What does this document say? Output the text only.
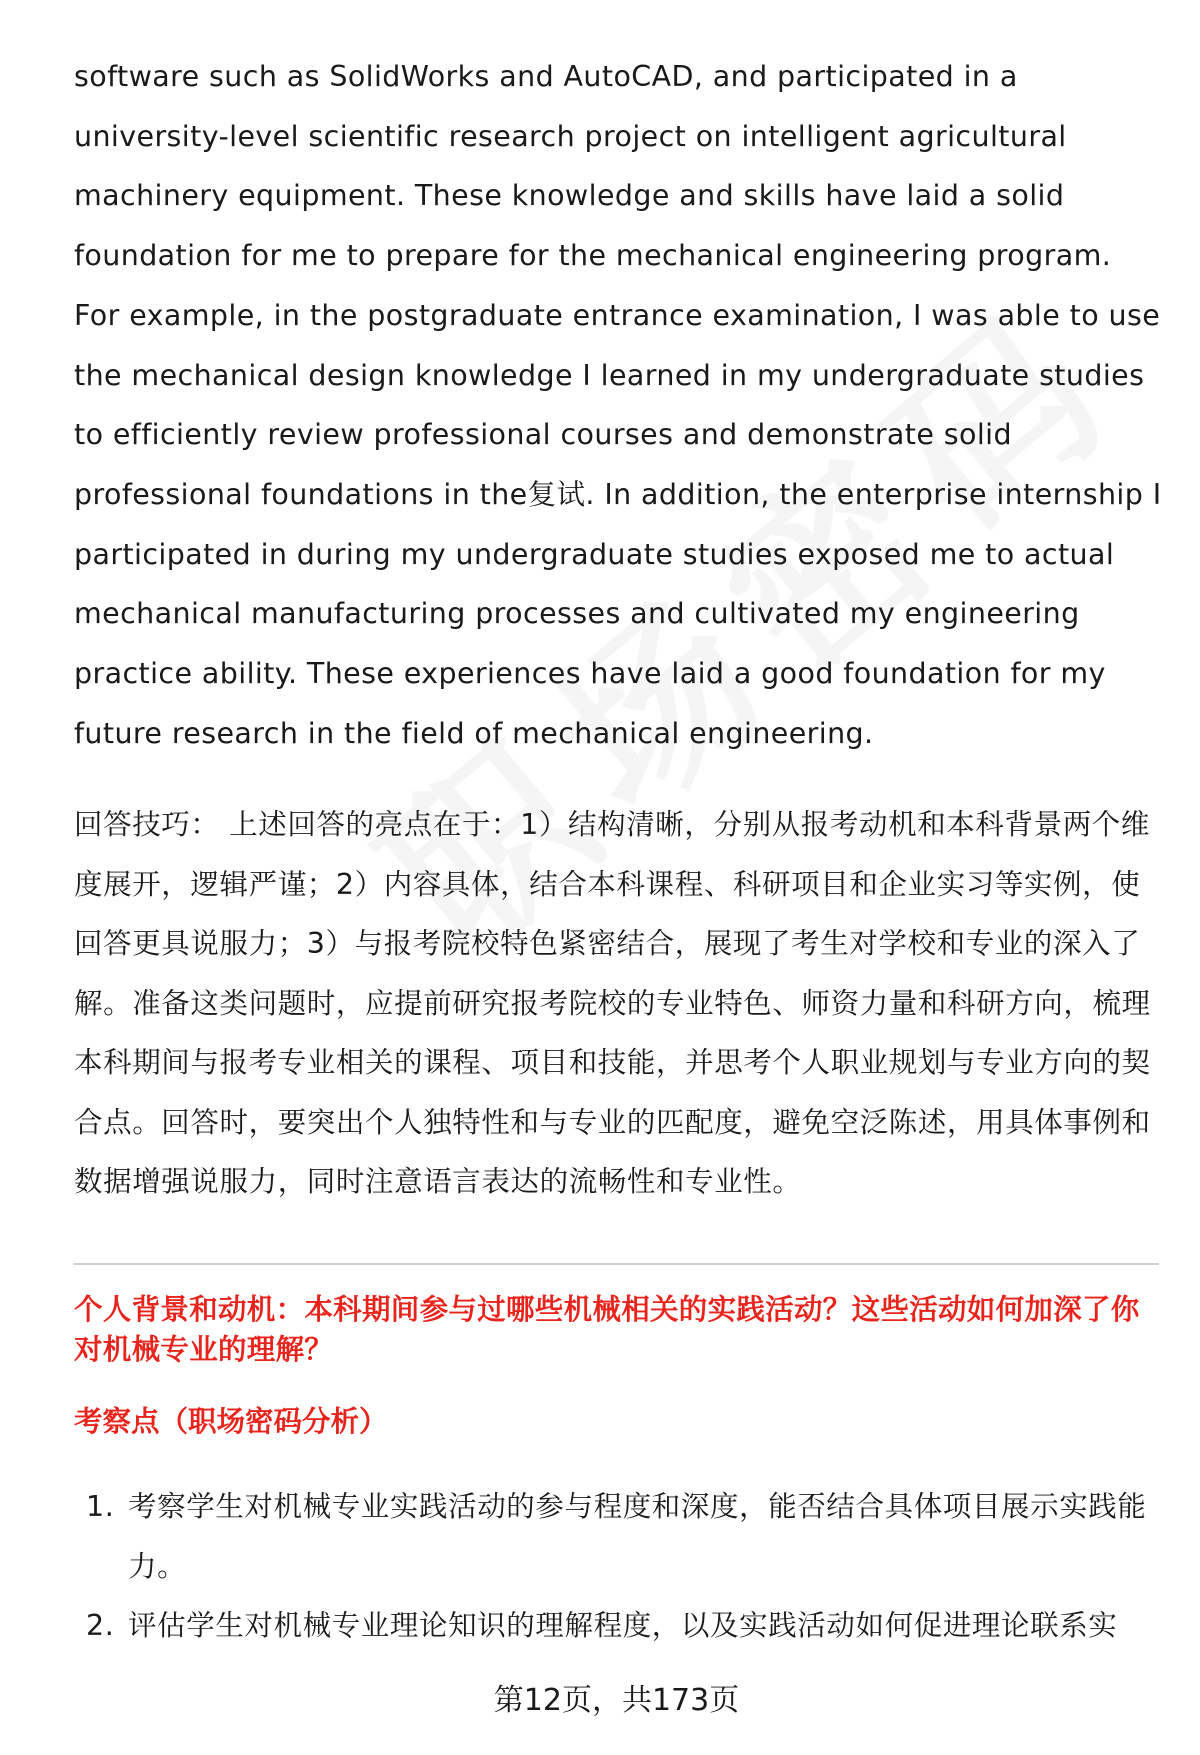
software such as SolidWorks and AutoCAD, and participated in a university-level scientific research project on intelligent agricultural machinery equipment. These knowledge and skills have laid a solid foundation for me to prepare for the mechanical engineering program. For example, in the postgraduate entrance examination, I was able to use the mechanical design knowledge I learned in my undergraduate studies to efficiently review professional courses and demonstrate solid professional foundations in the复试. In addition, the enterprise internship I participated in during my undergraduate studies exposed me to actual mechanical manufacturing processes and cultivated my engineering practice ability. These experiences have laid a good foundation for my future research in the field of mechanical engineering.

回答技巧： 上述回答的亮点在于：1）结构清晰，分别从报考动机和本科背景两个维度展开，逻辑严谨；2）内容具体，结合本科课程、科研项目和企业实习等实例，使回答更具说服力；3）与报考院校特色紧密结合，展现了考生对学校和专业的深入了解。准备这类问题时，应提前研究报考院校的专业特色、师资力量和科研方向，梳理本科期间与报考专业相关的课程、项目和技能，并思考个人职业规划与专业方向的契合点。回答时，要突出个人独特性和与专业的匹配度，避免空泛陈述，用具体事例和数据增强说服力，同时注意语言表达的流畅性和专业性。

个人背景和动机：本科期间参与过哪些机械相关的实践活动？这些活动如何加深了你对机械专业的理解？
考察点（职场密码分析）
1. 考察学生对机械专业实践活动的参与程度和深度，能否结合具体项目展示实践能力。
2. 评估学生对机械专业理论知识的理解程度，以及实践活动如何促进理论联系实
第12页，共173页
